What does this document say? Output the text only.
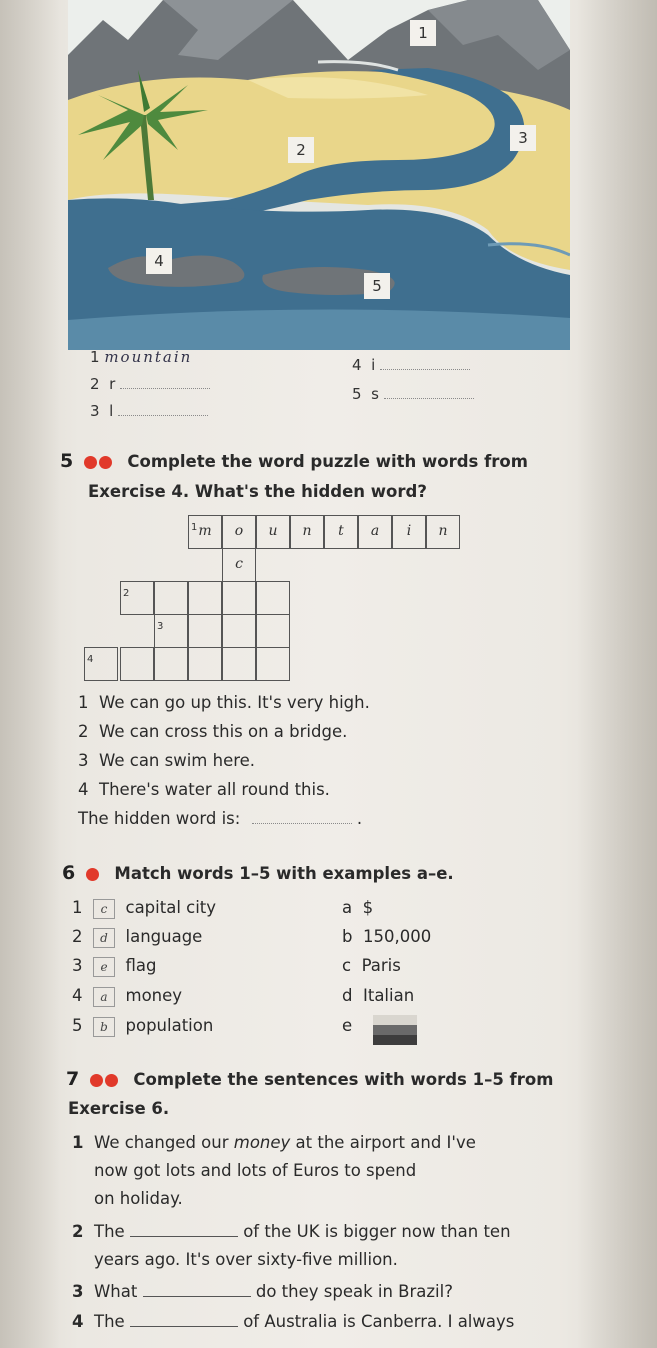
1
2
3
4
5
1 mountain
2 r
3 l
4 i
5 s
5	Complete the word puzzle with words from
Exercise 4. What's the hidden word?
1 m	o	u	n	t	a	i	n
c
2
3
4
1 We can go up this. It's very high.
2 We can cross this on a bridge.
3 We can swim here.
4 There's water all round this.
The hidden word is:	.
6 Match words 1–5 with examples a–e.
1 c capital city
2 d language
3 e flag
4 a money
5 b population
a $
b 150,000
c Paris
d Italian
e
7	Complete the sentences with words 1–5 from
Exercise 6.
1 We changed our money at the airport and I've
now got lots and lots of Euros to spend
on holiday.
2 The	of the UK is bigger now than ten
years ago. It's over sixty-five million.
3 What	do they speak in Brazil?
4 The	of Australia is Canberra. I always
